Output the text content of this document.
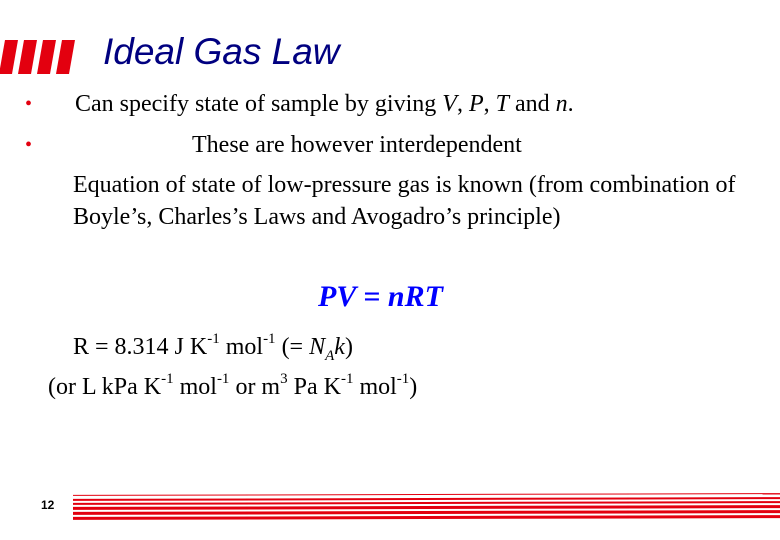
Ideal Gas Law
• Can specify state of sample by giving V, P, T and n.
•	These are however interdependent
Equation of state of low-pressure gas is known (from combination of Boyle’s, Charles’s Laws and Avogadro’s principle)
PV = nRT
R = 8.314 J $K^{-1}$ mol$^{-1}$ (= $N_Ak$)
(or L kPa $K^{-1}$ mol$^{-1}$ or $m^3$ Pa $K^{-1}$ mol$^{-1}$)
12
